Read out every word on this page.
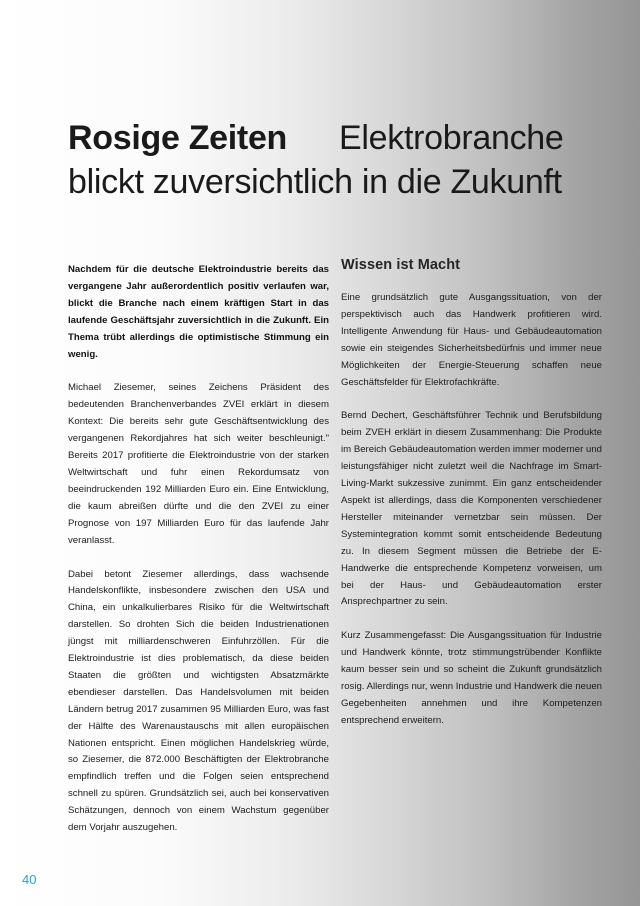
Rosige Zeiten Elektrobranche blickt zuversichtlich in die Zukunft

Nachdem für die deutsche Elektroindustrie bereits das vergangene Jahr außerordentlich positiv verlaufen war, blickt die Branche nach einem kräftigen Start in das laufende Geschäftsjahr zuversichtlich in die Zukunft. Ein Thema trübt allerdings die optimistische Stimmung ein wenig.

Michael Ziesemer, seines Zeichens Präsident des bedeutenden Branchenverbandes ZVEI erklärt in diesem Kontext: Die bereits sehr gute Geschäftsentwicklung des vergangenen Rekordjahres hat sich weiter beschleunigt." Bereits 2017 profitierte die Elektroindustrie von der starken Weltwirtschaft und fuhr einen Rekordumsatz von beeindruckenden 192 Milliarden Euro ein. Eine Entwicklung, die kaum abreißen dürfte und die den ZVEI zu einer Prognose von 197 Milliarden Euro für das laufende Jahr veranlasst.

Dabei betont Ziesemer allerdings, dass wachsende Handelskonflikte, insbesondere zwischen den USA und China, ein unkalkulierbares Risiko für die Weltwirtschaft darstellen. So drohten Sich die beiden Industrienationen jüngst mit milliardenschweren Einfuhrzöllen. Für die Elektroindustrie ist dies problematisch, da diese beiden Staaten die größten und wichtigsten Absatzmärkte ebendieser darstellen. Das Handelsvolumen mit beiden Ländern betrug 2017 zusammen 95 Milliarden Euro, was fast der Hälfte des Warenaustauschs mit allen europäischen Nationen entspricht. Einen möglichen Handelskrieg würde, so Ziesemer, die 872.000 Beschäftigten der Elektrobranche empfindlich treffen und die Folgen seien entsprechend schnell zu spüren. Grundsätzlich sei, auch bei konservativen Schätzungen, dennoch von einem Wachstum gegenüber dem Vorjahr auszugehen.

Wissen ist Macht

Eine grundsätzlich gute Ausgangssituation, von der perspektivisch auch das Handwerk profitieren wird. Intelligente Anwendung für Haus- und Gebäudeautomation sowie ein steigendes Sicherheitsbedürfnis und immer neue Möglichkeiten der Energie-Steuerung schaffen neue Geschäftsfelder für Elektrofachkräfte.

Bernd Dechert, Geschäftsführer Technik und Berufsbildung beim ZVEH erklärt in diesem Zusammenhang: Die Produkte im Bereich Gebäudeautomation werden immer moderner und leistungsfähiger nicht zuletzt weil die Nachfrage im Smart-Living-Markt sukzessive zunimmt. Ein ganz entscheidender Aspekt ist allerdings, dass die Komponenten verschiedener Hersteller miteinander vernetzbar sein müssen. Der Systemintegration kommt somit entscheidende Bedeutung zu. In diesem Segment müssen die Betriebe der E-Handwerke die entsprechende Kompetenz vorweisen, um bei der Haus- und Gebäudeautomation erster Ansprechpartner zu sein.

Kurz Zusammengefasst: Die Ausgangssituation für Industrie und Handwerk könnte, trotz stimmungstrübender Konflikte kaum besser sein und so scheint die Zukunft grundsätzlich rosig. Allerdings nur, wenn Industrie und Handwerk die neuen Gegebenheiten annehmen und ihre Kompetenzen entsprechend erweitern.

40
